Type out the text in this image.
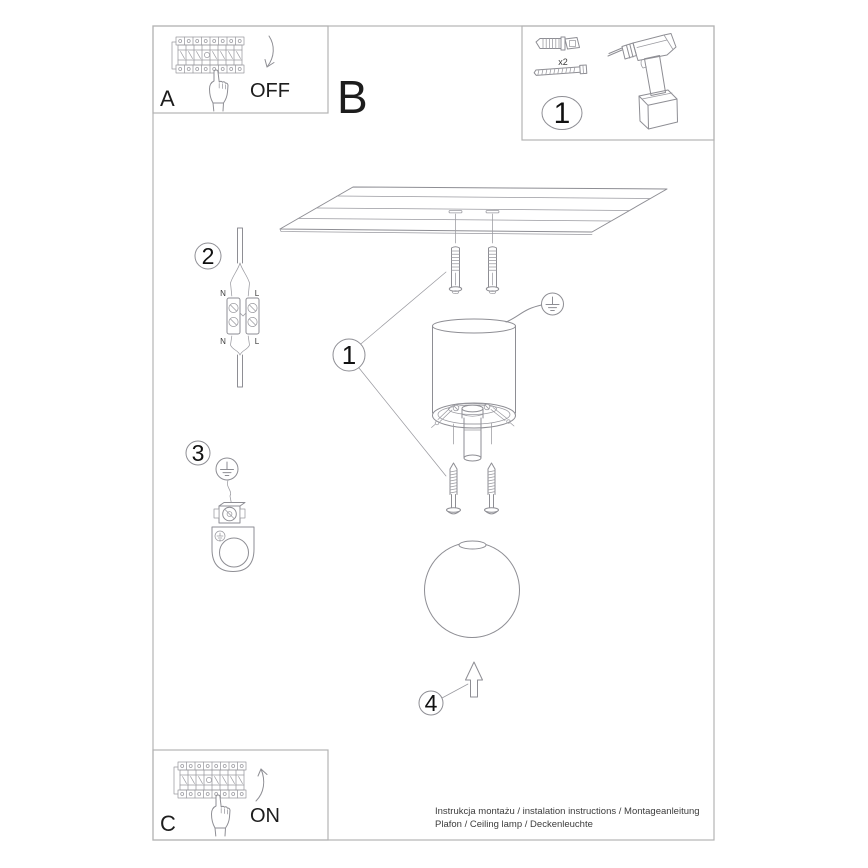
A	OFF B
x2
1
1
4
2
N	L
N	L
3
C	ON	Instrukcja montażu / instalation instructions / Montageanleitung
Plafon / Ceiling lamp / Deckenleuchte
